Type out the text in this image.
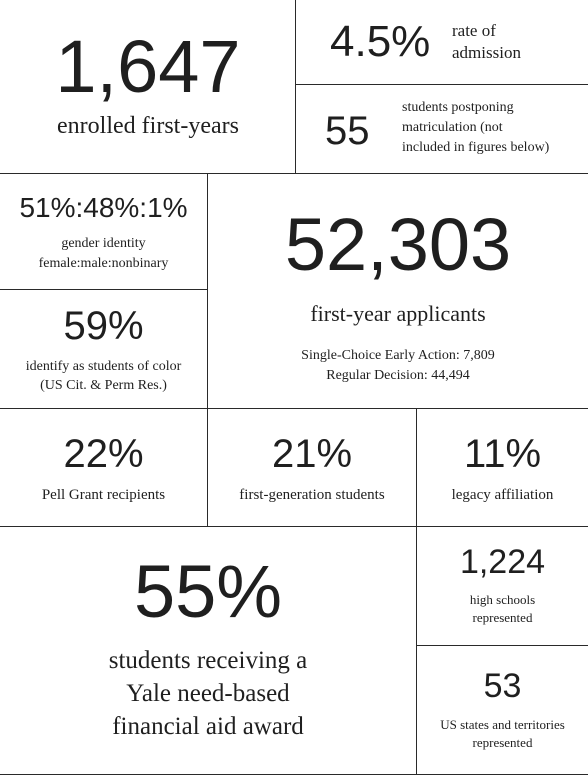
1,647
enrolled first-years
4.5% rate of
admission
55
students postponing
matriculation (not
included in figures below)
51%:48%:1%
gender identity
female:male:nonbinary	52,303
first-year applicants
Single-Choice Early Action: 7,809
Regular Decision: 44,494
59%
identify as students of color
(US Cit. & Perm Res.)
22%
Pell Grant recipients
21%
first-generation students
11%
legacy affiliation
55%
students receiving a
Yale need-based
financial aid award
1,224
high schools
represented
53
US states and territories
represented
